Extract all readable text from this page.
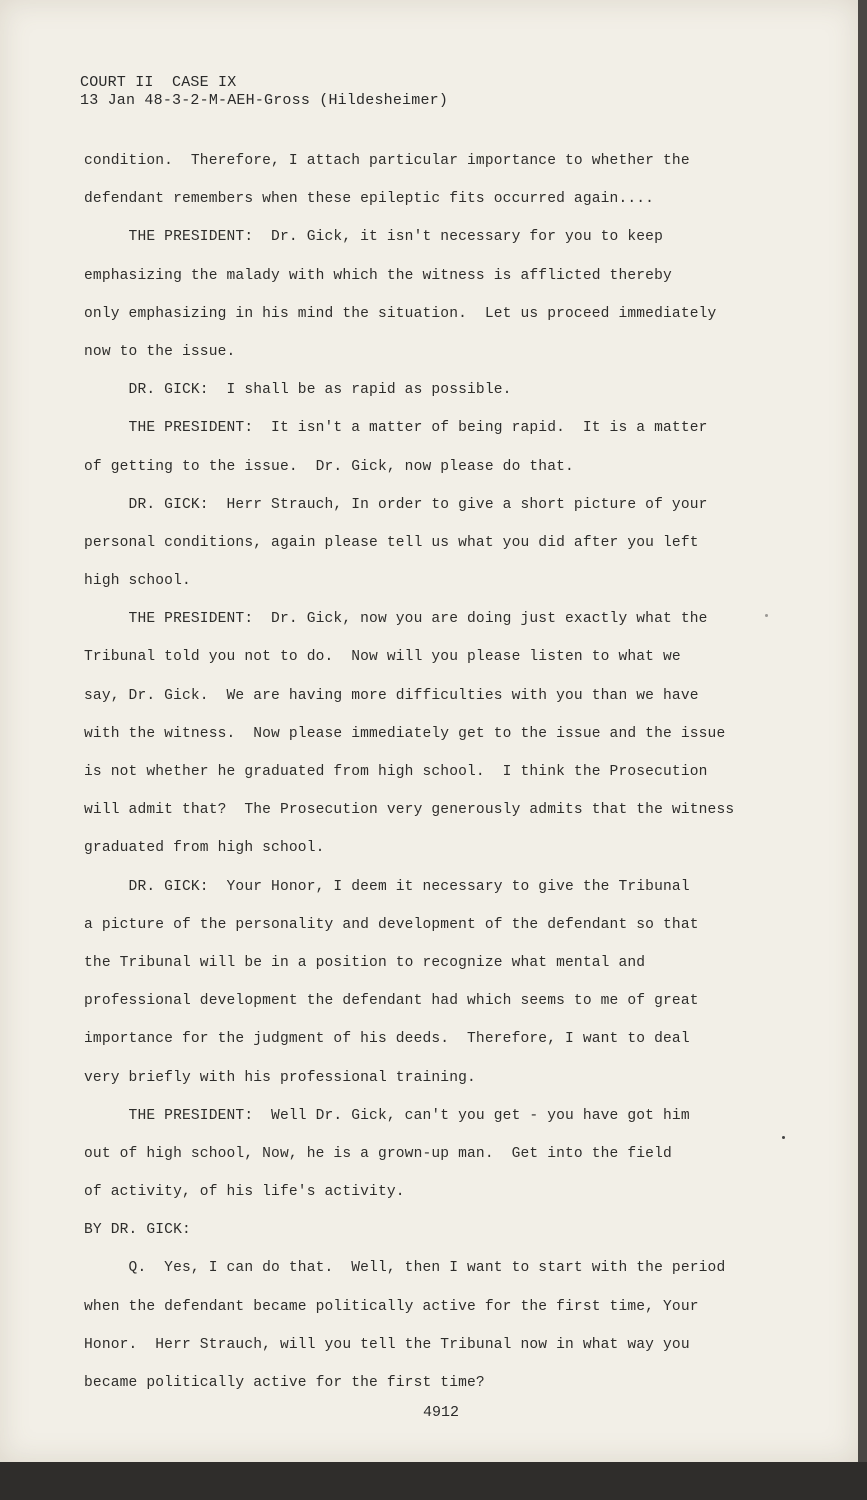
COURT II  CASE IX
13 Jan 48-3-2-M-AEH-Gross (Hildesheimer)
condition.  Therefore, I attach particular importance to whether the
defendant remembers when these epileptic fits occurred again....
THE PRESIDENT:  Dr. Gick, it isn't necessary for you to keep
emphasizing the malady with which the witness is afflicted thereby
only emphasizing in his mind the situation.  Let us proceed immediately
now to the issue.
DR. GICK:  I shall be as rapid as possible.
THE PRESIDENT:  It isn't a matter of being rapid.  It is a matter
of getting to the issue.  Dr. Gick, now please do that.
DR. GICK:  Herr Strauch, In order to give a short picture of your
personal conditions, again please tell us what you did after you left
high school.
THE PRESIDENT:  Dr. Gick, now you are doing just exactly what the
Tribunal told you not to do.  Now will you please listen to what we
say, Dr. Gick.  We are having more difficulties with you than we have
with the witness.  Now please immediately get to the issue and the issue
is not whether he graduated from high school.  I think the Prosecution
will admit that?  The Prosecution very generously admits that the witness
graduated from high school.
DR. GICK:  Your Honor, I deem it necessary to give the Tribunal
a picture of the personality and development of the defendant so that
the Tribunal will be in a position to recognize what mental and
professional development the defendant had which seems to me of great
importance for the judgment of his deeds.  Therefore, I want to deal
very briefly with his professional training.
THE PRESIDENT:  Well Dr. Gick, can't you get - you have got him
out of high school, Now, he is a grown-up man.  Get into the field
of activity, of his life's activity.
BY DR. GICK:
Q.  Yes, I can do that.  Well, then I want to start with the period
when the defendant became politically active for the first time, Your
Honor.  Herr Strauch, will you tell the Tribunal now in what way you
became politically active for the first time?
4912
